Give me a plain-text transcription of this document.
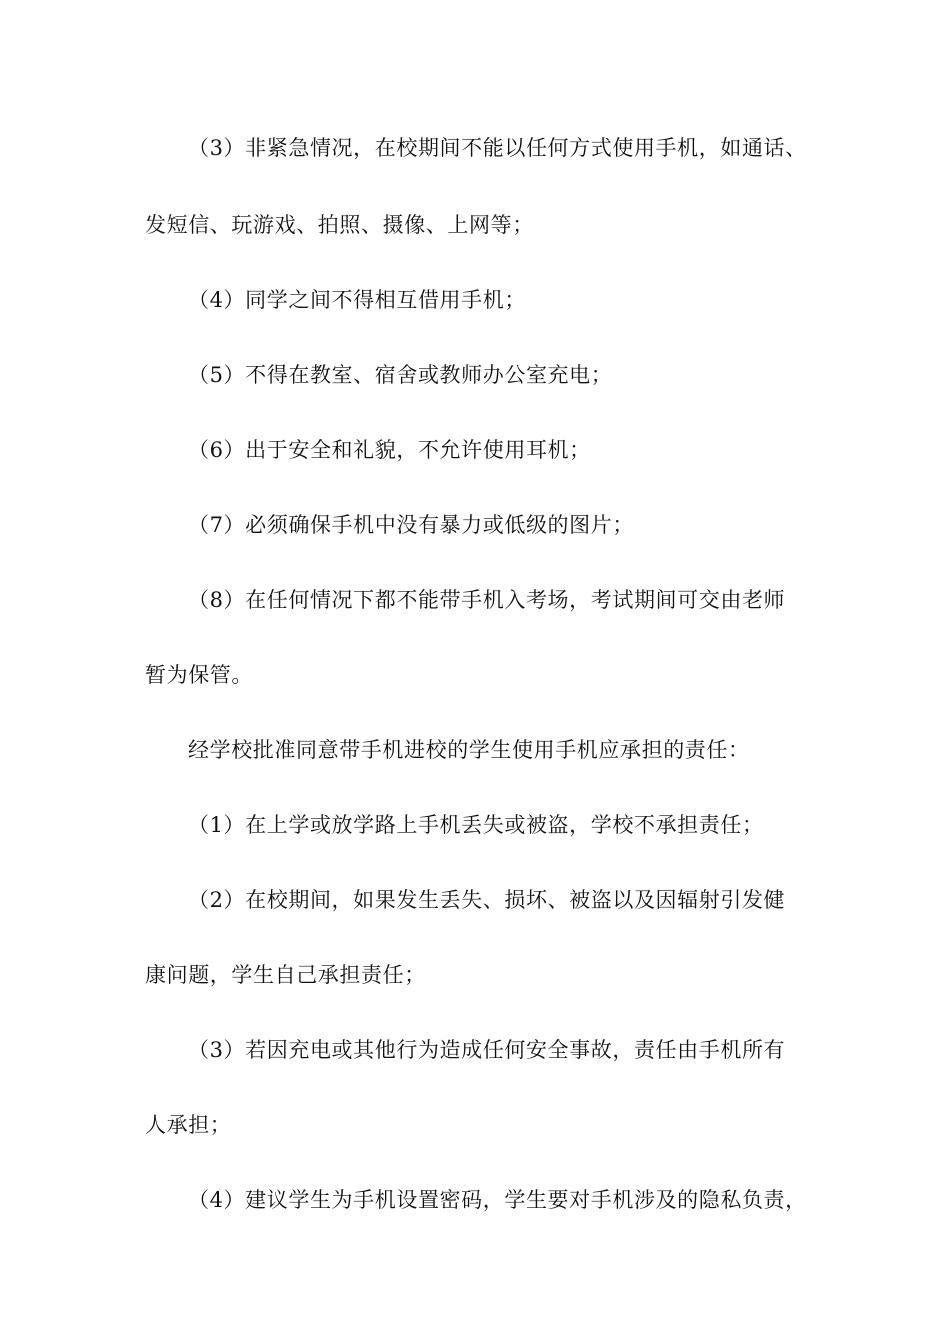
（3）非紧急情况，在校期间不能以任何方式使用手机，如通话、
发短信、玩游戏、拍照、摄像、上网等；
（4）同学之间不得相互借用手机；
（5）不得在教室、宿舍或教师办公室充电；
（6）出于安全和礼貌，不允许使用耳机；
（7）必须确保手机中没有暴力或低级的图片；
（8）在任何情况下都不能带手机入考场，考试期间可交由老师
暂为保管。
经学校批准同意带手机进校的学生使用手机应承担的责任：
（1）在上学或放学路上手机丢失或被盗，学校不承担责任；
（2）在校期间，如果发生丢失、损坏、被盗以及因辐射引发健
康问题，学生自己承担责任；
（3）若因充电或其他行为造成任何安全事故，责任由手机所有
人承担；
（4）建议学生为手机设置密码，学生要对手机涉及的隐私负责，
